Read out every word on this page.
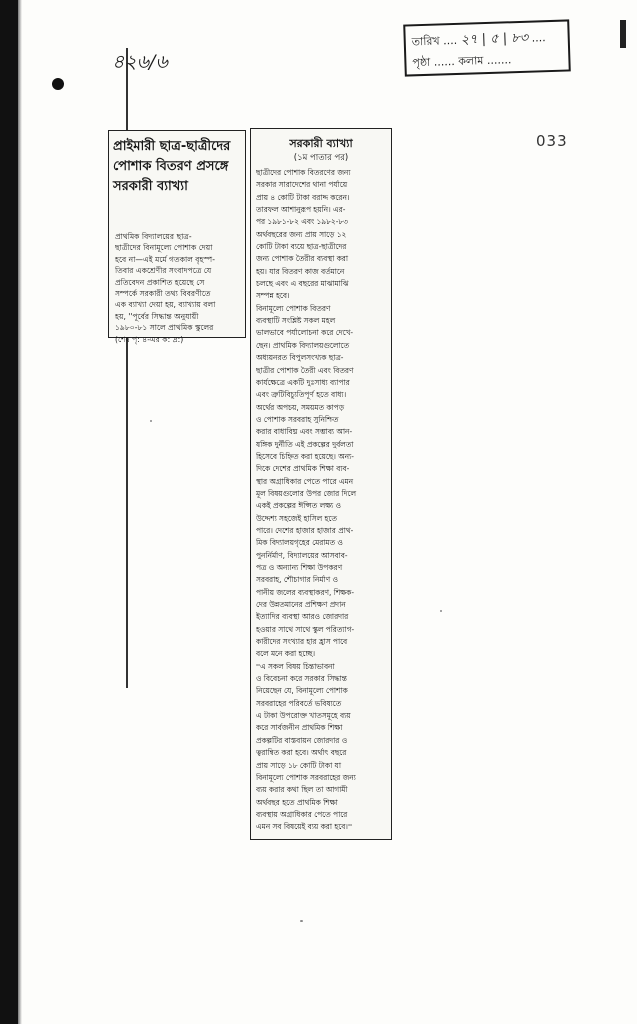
৪২৬/৬
তারিখ .... ২৭ | ৫ | ৮৩ ....
পৃষ্ঠা ...... কলাম .......
033
প্রাইমারী ছাত্র-ছাত্রীদের
পোশাক বিতরণ প্রসঙ্গে
সরকারী ব্যাখ্যা
প্রাথমিক বিদ্যালয়ের ছাত্র-
ছাত্রীদের বিনামূল্যে পোশাক দেয়া
হবে না—এই মর্মে গতকাল বৃহস্প-
তিবার একশ্রেণীর সংবাদপত্রে যে
প্রতিবেদন প্রকাশিত হয়েছে সে
সম্পর্কে সরকারী তথ্য বিবরণীতে
এক ব্যাখ্যা দেয়া হয়, ব্যাখ্যায় বলা
হয়, ''পূর্বের সিদ্ধান্ত অনুযায়ী
১৯৮০-৮১ সালে প্রাথমিক স্কুলের
(শেষ পৃ: ৪-এর ক: দ্র:)
সরকারী ব্যাখ্যা
(১ম পাতার পর)
ছাত্রীদের পোশাক বিতরণের জন্য
সরকার সারাদেশের থানা পর্যায়ে
প্রায় ৪ কোটি টাকা বরাদ্দ করেন।
তারফল আশানুরূপ হয়নি। এর-
পর ১৯৮১-৮২ এবং ১৯৮২-৮৩
অর্থবছরের জন্য প্রায় সাড়ে ১২
কোটি টাকা ব্যয়ে ছাত্র-ছাত্রীদের
জন্য পোশাক তৈরীর ব্যবস্থা করা
হয়। যার বিতরণ কাজ বর্তমানে
চলছে এবং এ বছরের মাঝামাঝি
সম্পন্ন হবে।
বিনামূল্যে পোশাক বিতরণ
ব্যবস্থাটি সংশ্লিষ্ট সকল মহল
ভালভাবে পর্যালোচনা করে দেখে-
ছেন। প্রাথমিক বিদ্যালয়গুলোতে
অধ্যয়নরত বিপুলসংখ্যক ছাত্র-
ছাত্রীর পোশাক তৈরী এবং বিতরণ
কার্যক্ষেত্রে একটি দুঃসাধ্য ব্যাপার
এবং ত্রুটিবিচ্যুতিপূর্ণ হতে বাধ্য।
অর্থের অপচয়, সময়মত কাপড়
ও পোশাক সরবরাহ সুনিশ্চিত
করার বাধাবিঘ্ন এবং সম্ভাব্য আন-
ষঙ্গিক দুর্নীতি এই প্রকল্পের দুর্বলতা
হিসেবে চিহ্নিত করা হয়েছে। অন্য-
দিকে দেশের প্রাথমিক শিক্ষা ব্যব-
স্থার অগ্রাধিকার পেতে পারে এমন
মূল বিষয়গুলোর উপর জোর দিলে
একই প্রকল্পের ঈপ্সিত লক্ষ্য ও
উদ্দেশ্য সহজেই হাসিল হতে
পারে। দেশের হাজার হাজার প্রাথ-
মিক বিদ্যালয়গৃহের মেরামত ও
পুনর্নির্মাণ, বিদ্যালয়ের আসবাব-
পত্র ও অন্যান্য শিক্ষা উপকরণ
সরবরাহ, শৌচাগার নির্মাণ ও
পানীয় জলের ব্যবস্থাকরণ, শিক্ষক-
দের উন্নতমানের প্রশিক্ষণ প্রদান
ইত্যাদির ব্যবস্থা আরও জোরদার
হওয়ার সাথে সাথে স্কুল পরিত্যাগ-
কারীদের সংখ্যার হার হ্রাস পাবে
বলে মনে করা হচ্ছে।
''এ সকল বিষয় চিন্তাভাবনা
ও বিবেচনা করে সরকার সিদ্ধান্ত
নিয়েছেন যে, বিনামূল্যে পোশাক
সরবরাহের পরিবর্তে ভবিষ্যতে
এ টাকা উপরোক্ত খাতসমূহে ব্যয়
করে সার্বজনীন প্রাথমিক শিক্ষা
প্রকল্পটির বাস্তবায়ন জোরদার ও
ত্বরান্বিত করা হবে। অর্থাৎ বছরে
প্রায় সাড়ে ১৮ কোটি টাকা যা
বিনামূল্যে পোশাক সরবরাহের জন্য
ব্যয় করার কথা ছিল তা আগামী
অর্থবছর হতে প্রাথমিক শিক্ষা
ব্যবস্থায় অগ্রাধিকার পেতে পারে
এমন সব বিষয়েই ব্যয় করা হবে।''
